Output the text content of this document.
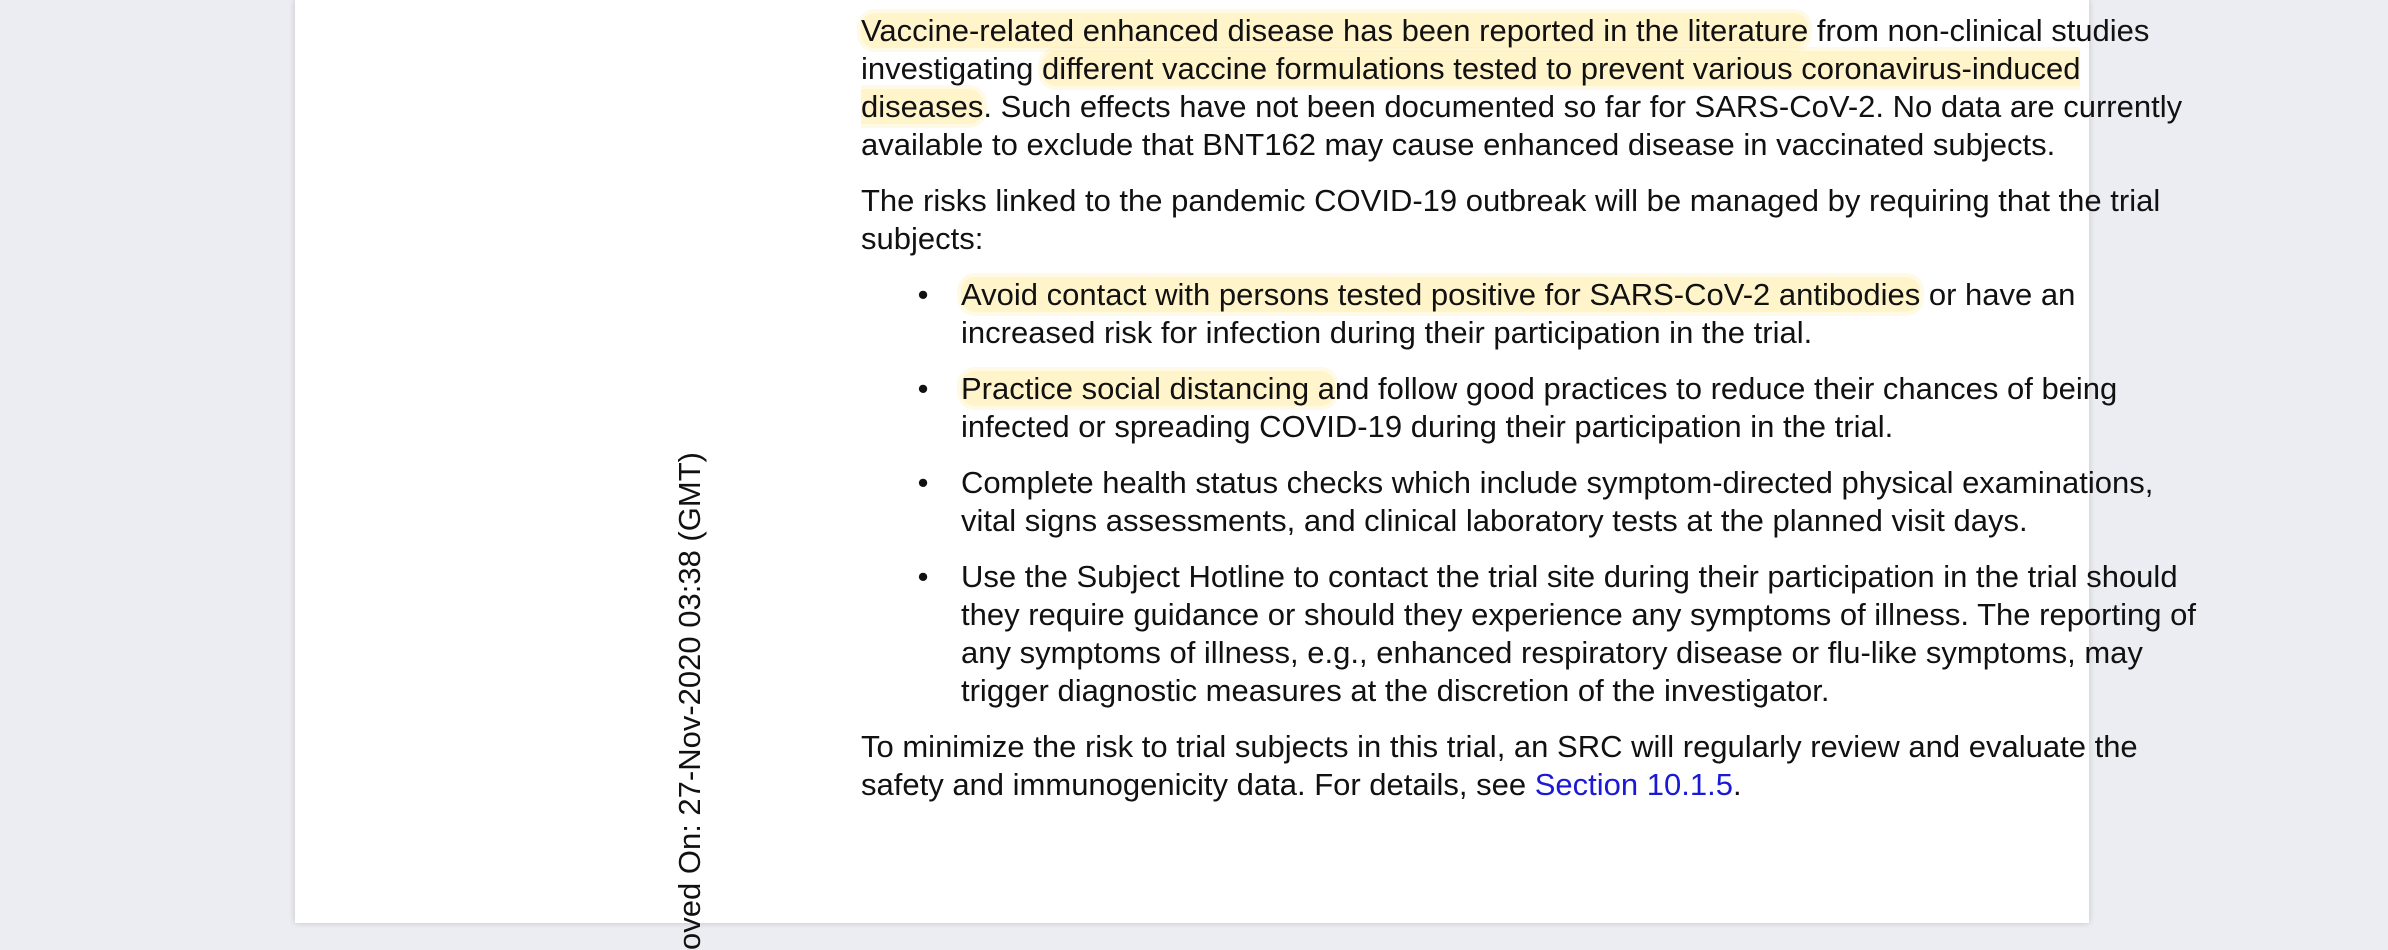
oved On: 27-Nov-2020 03:38 (GMT)

Vaccine-related enhanced disease has been reported in the literature from non-clinical studies investigating different vaccine formulations tested to prevent various coronavirus-induced diseases. Such effects have not been documented so far for SARS-CoV-2. No data are currently available to exclude that BNT162 may cause enhanced disease in vaccinated subjects.

The risks linked to the pandemic COVID-19 outbreak will be managed by requiring that the trial subjects:

• Avoid contact with persons tested positive for SARS-CoV-2 antibodies or have an increased risk for infection during their participation in the trial.
• Practice social distancing and follow good practices to reduce their chances of being infected or spreading COVID-19 during their participation in the trial.
• Complete health status checks which include symptom-directed physical examinations, vital signs assessments, and clinical laboratory tests at the planned visit days.
• Use the Subject Hotline to contact the trial site during their participation in the trial should they require guidance or should they experience any symptoms of illness. The reporting of any symptoms of illness, e.g., enhanced respiratory disease or flu-like symptoms, may trigger diagnostic measures at the discretion of the investigator.

To minimize the risk to trial subjects in this trial, an SRC will regularly review and evaluate the safety and immunogenicity data. For details, see Section 10.1.5.
